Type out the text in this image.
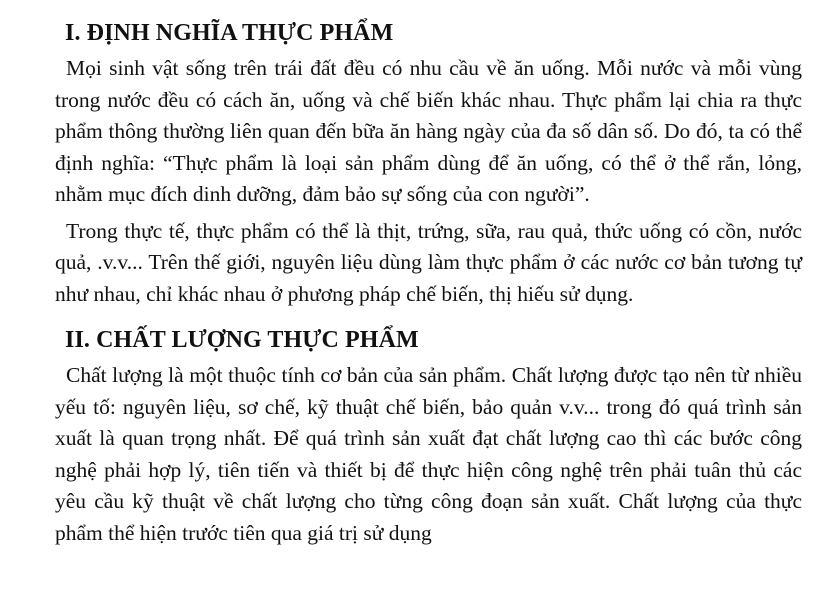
I. ĐỊNH NGHĨA THỰC PHẨM

Mọi sinh vật sống trên trái đất đều có nhu cầu về ăn uống. Mỗi nước và mỗi vùng trong nước đều có cách ăn, uống và chế biến khác nhau. Thực phẩm lại chia ra thực phẩm thông thường liên quan đến bữa ăn hàng ngày của đa số dân số. Do đó, ta có thể định nghĩa: “Thực phẩm là loại sản phẩm dùng để ăn uống, có thể ở thể rắn, lỏng, nhằm mục đích dinh dưỡng, đảm bảo sự sống của con người”.

Trong thực tế, thực phẩm có thể là thịt, trứng, sữa, rau quả, thức uống có cồn, nước quả, .v.v... Trên thế giới, nguyên liệu dùng làm thực phẩm ở các nước cơ bản tương tự như nhau, chỉ khác nhau ở phương pháp chế biến, thị hiếu sử dụng.

II. CHẤT LƯỢNG THỰC PHẨM

Chất lượng là một thuộc tính cơ bản của sản phẩm. Chất lượng được tạo nên từ nhiều yếu tố: nguyên liệu, sơ chế, kỹ thuật chế biến, bảo quản v.v... trong đó quá trình sản xuất là quan trọng nhất. Để quá trình sản xuất đạt chất lượng cao thì các bước công nghệ phải hợp lý, tiên tiến và thiết bị để thực hiện công nghệ trên phải tuân thủ các yêu cầu kỹ thuật về chất lượng cho từng công đoạn sản xuất. Chất lượng của thực phẩm thể hiện trước tiên qua giá trị sử dụng
